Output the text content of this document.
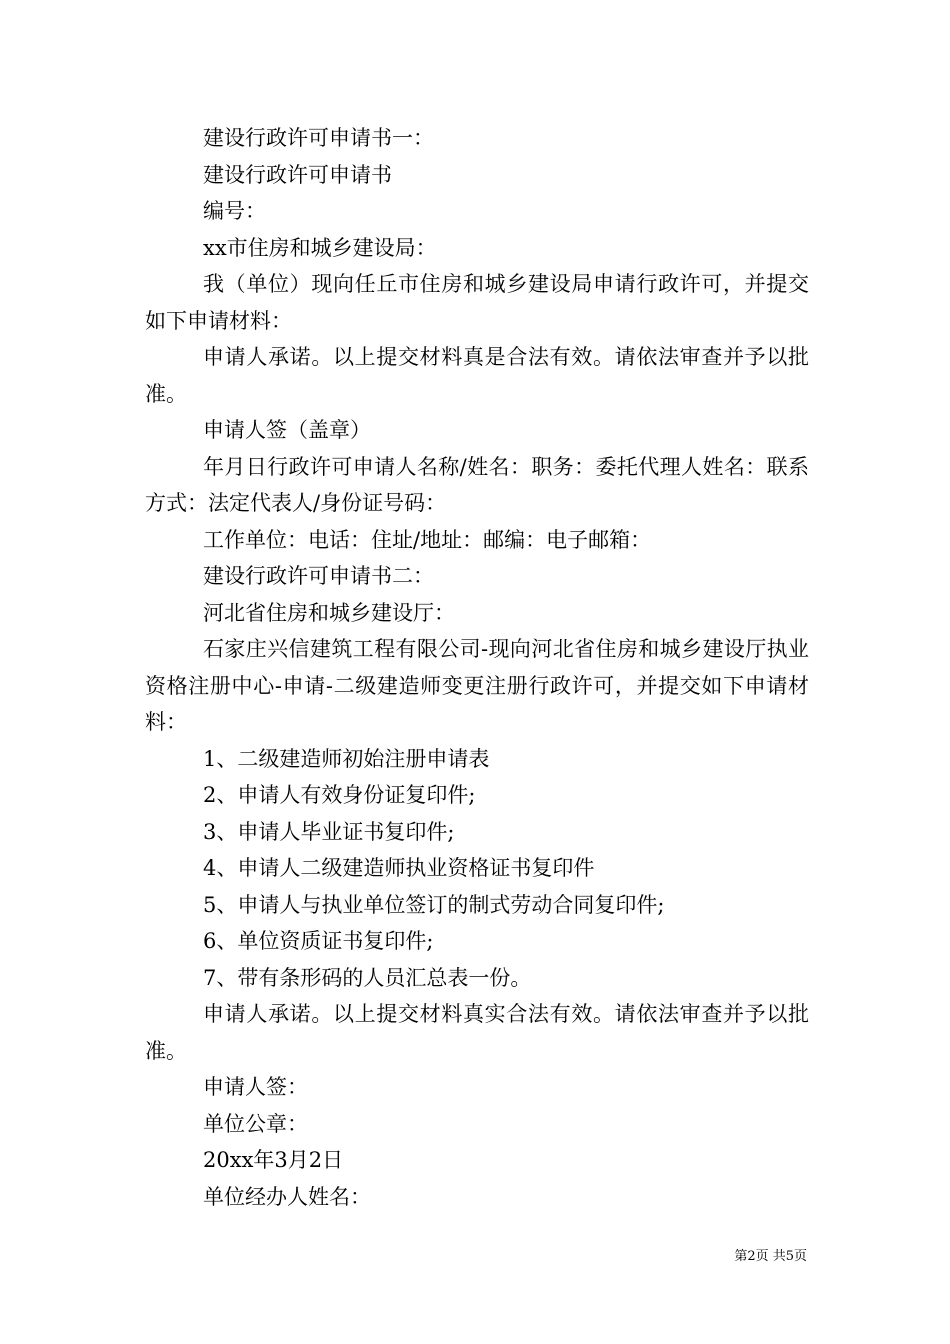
建设行政许可申请书一：

建设行政许可申请书

编号：

xx市住房和城乡建设局：

我（单位）现向任丘市住房和城乡建设局申请行政许可，并提交如下申请材料：

申请人承诺。以上提交材料真是合法有效。请依法审查并予以批准。

申请人签（盖章）

年月日行政许可申请人名称/姓名：职务：委托代理人姓名：联系方式：法定代表人/身份证号码：

工作单位：电话：住址/地址：邮编：电子邮箱：

建设行政许可申请书二：

河北省住房和城乡建设厅：

石家庄兴信建筑工程有限公司-现向河北省住房和城乡建设厅执业资格注册中心-申请-二级建造师变更注册行政许可，并提交如下申请材料：

1、二级建造师初始注册申请表

2、申请人有效身份证复印件;

3、申请人毕业证书复印件;

4、申请人二级建造师执业资格证书复印件

5、申请人与执业单位签订的制式劳动合同复印件;

6、单位资质证书复印件;

7、带有条形码的人员汇总表一份。

申请人承诺。以上提交材料真实合法有效。请依法审查并予以批准。

申请人签：

单位公章：

20xx年3月2日

单位经办人姓名：

第2页 共5页
